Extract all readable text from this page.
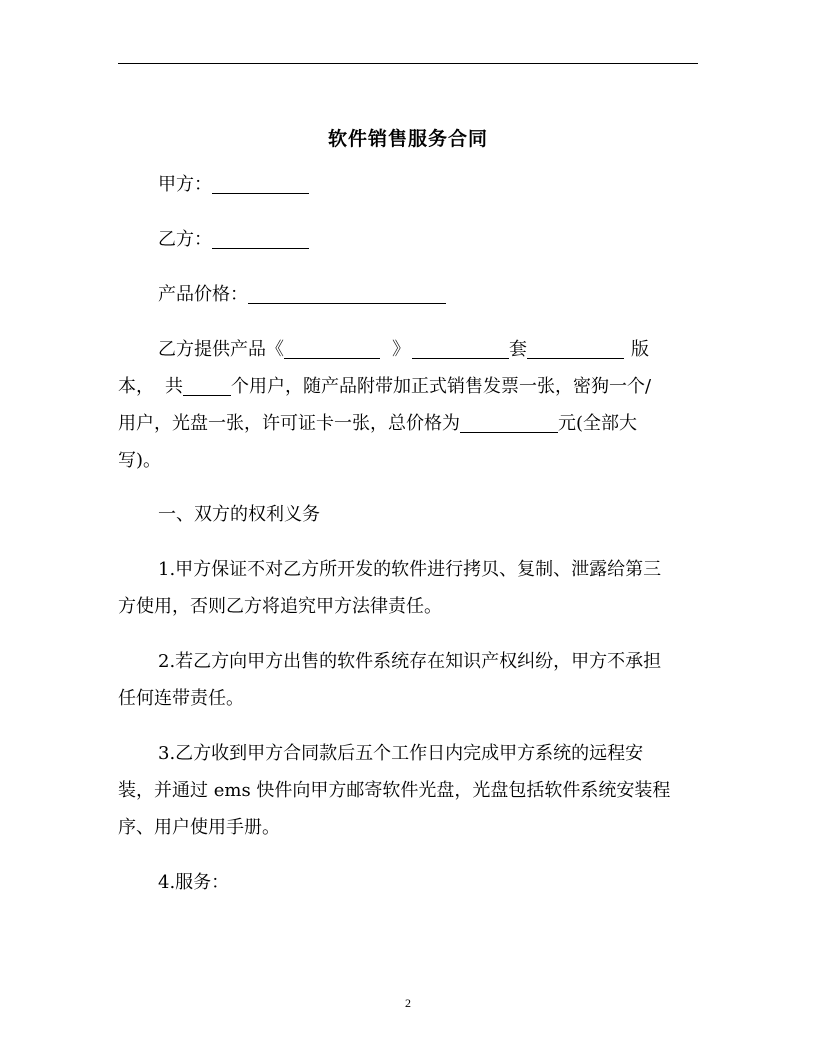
软件销售服务合同
甲方：
乙方：
产品价格：
乙方提供产品《	》	套	版
本， 共	个用户，随产品附带加正式销售发票一张，密狗一个/
用户，光盘一张，许可证卡一张，总价格为	元(全部大
写)。
一、双方的权利义务
1.甲方保证不对乙方所开发的软件进行拷贝、复制、泄露给第三
方使用，否则乙方将追究甲方法律责任。
2.若乙方向甲方出售的软件系统存在知识产权纠纷，甲方不承担
任何连带责任。
3.乙方收到甲方合同款后五个工作日内完成甲方系统的远程安
装，并通过 ems 快件向甲方邮寄软件光盘，光盘包括软件系统安装程
序、用户使用手册。
4.服务：
2
